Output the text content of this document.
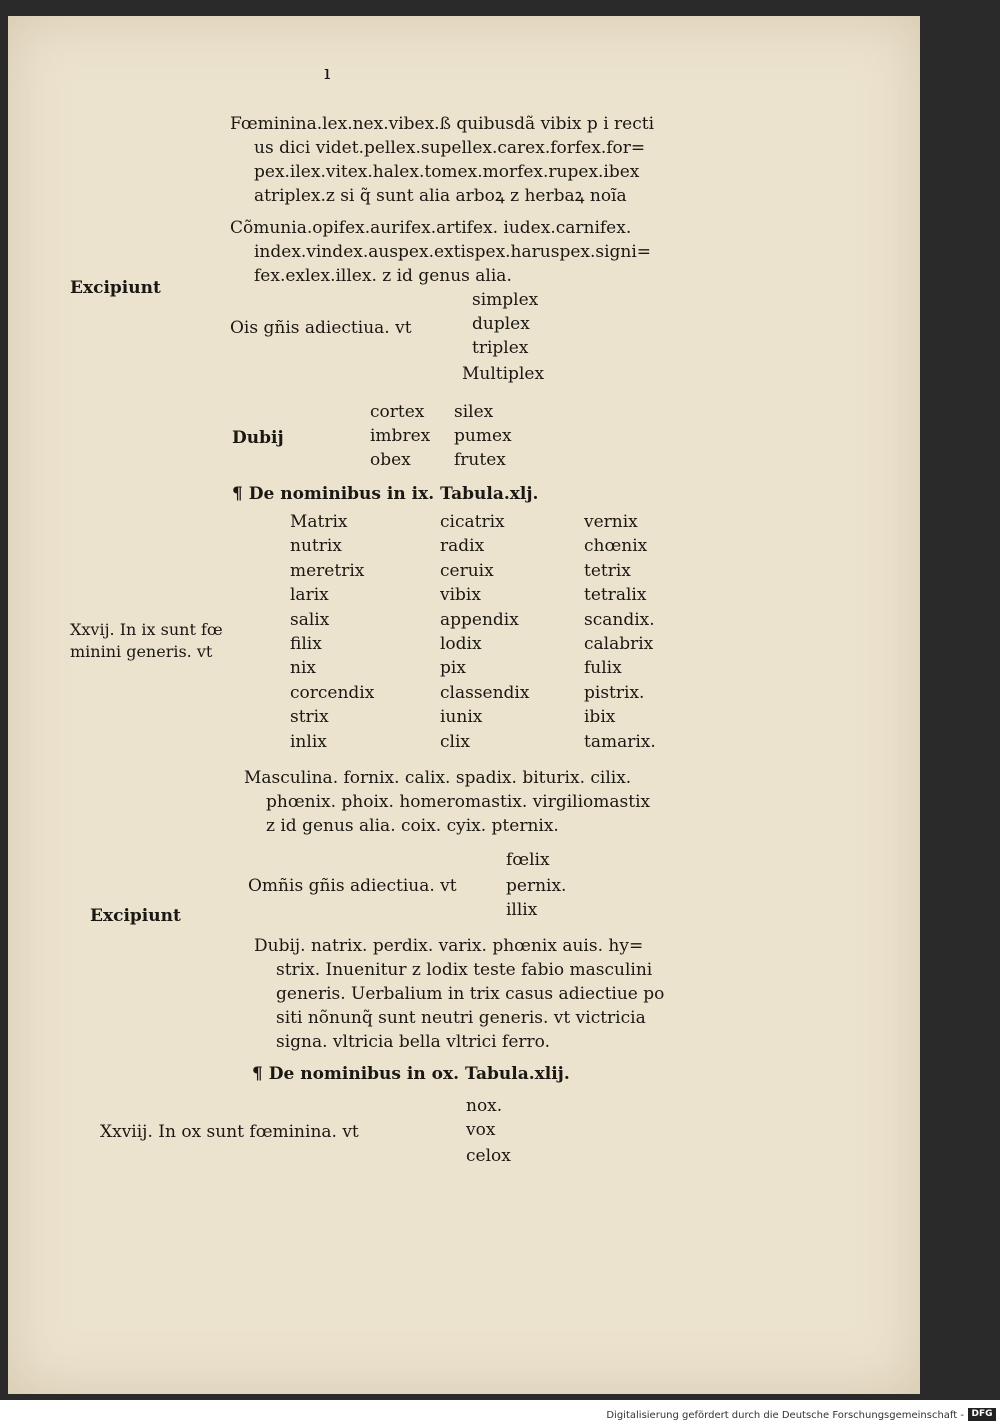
ı
Fœminina.lex.nex.vibex.ß quibusdã vibix p i recti
us dici videt.pellex.supellex.carex.forfex.for=
pex.ilex.vitex.halex.tomex.morfex.rupex.ibex
atriplex.z si q̃ sunt alia arboꝝ z herbaꝝ noĩa
Cõmunia.opifex.aurifex.artifex. iudex.carnifex.
index.vindex.auspex.extispex.haruspex.signi=
fex.exlex.illex. z id genus alia.
Excipiunt
Ois gñis adiectiua. vt
simplex
duplex
triplex
Multiplex
Dubij
cortex
imbrex
obex
silex
pumex
frutex
¶ De nominibus in ix. Tabula.xlj.
Xxvij. In ix sunt fœ
minini generis. vt
Matrix
nutrix
meretrix
larix
salix
filix
nix
corcendix
strix
inlix
cicatrix
radix
ceruix
vibix
appendix
lodix
pix
classendix
iunix
clix
vernix
chœnix
tetrix
tetralix
scandix.
calabrix
fulix
pistrix.
ibix
tamarix.
Masculina. fornix. calix. spadix. biturix. cilix.
phœnix. phoix. homeromastix. virgiliomastix
z id genus alia. coix. cyix. pternix.
Excipiunt
Omñis gñis adiectiua. vt
fœlix
pernix.
illix
Dubij. natrix. perdix. varix. phœnix auis. hy=
strix. Inuenitur z lodix teste fabio masculini
generis. Uerbalium in trix casus adiectiue po
siti nõnunq̃ sunt neutri generis. vt victricia
signa. vltricia bella vltrici ferro.
¶ De nominibus in ox. Tabula.xlij.
Xxviij. In ox sunt fœminina. vt
nox.
vox
celox
Digitalisierung gefördert durch die Deutsche Forschungsgemeinschaft - DFG
